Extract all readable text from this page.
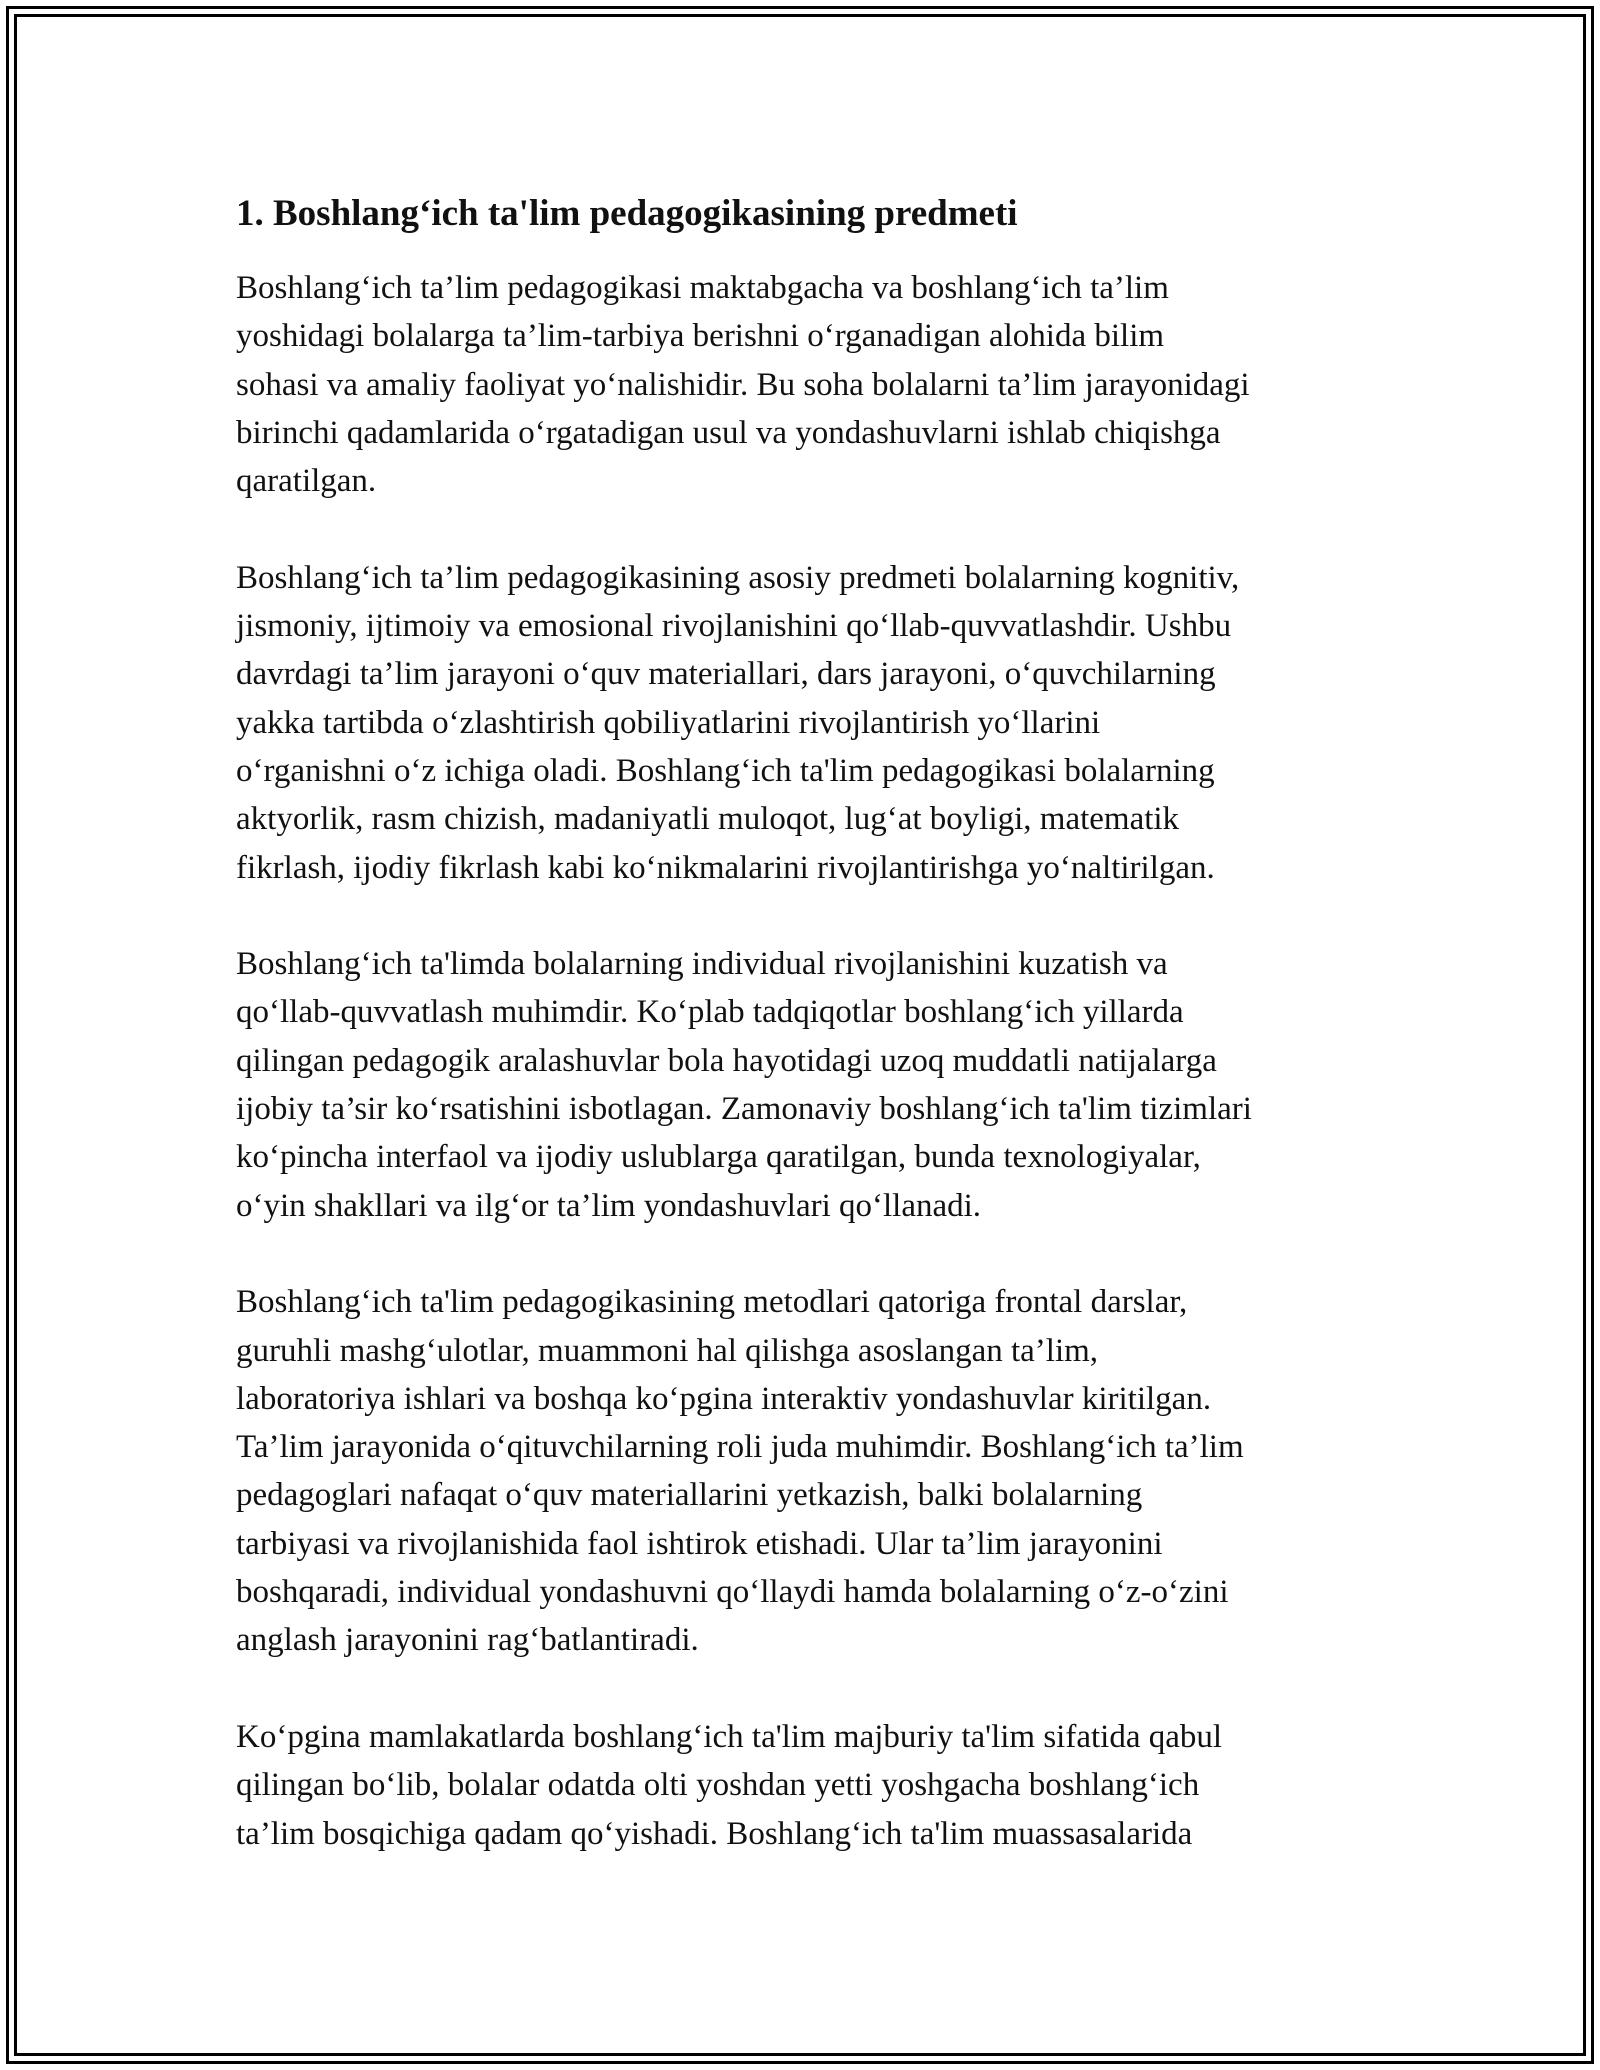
1. Boshlang‘ich ta'lim pedagogikasining predmeti

Boshlang‘ich ta’lim pedagogikasi maktabgacha va boshlang‘ich ta’lim
yoshidagi bolalarga ta’lim-tarbiya berishni o‘rganadigan alohida bilim
sohasi va amaliy faoliyat yo‘nalishidir. Bu soha bolalarni ta’lim jarayonidagi
birinchi qadamlarida o‘rgatadigan usul va yondashuvlarni ishlab chiqishga
qaratilgan.

Boshlang‘ich ta’lim pedagogikasining asosiy predmeti bolalarning kognitiv,
jismoniy, ijtimoiy va emosional rivojlanishini qo‘llab-quvvatlashdir. Ushbu
davrdagi ta’lim jarayoni o‘quv materiallari, dars jarayoni, o‘quvchilarning
yakka tartibda o‘zlashtirish qobiliyatlarini rivojlantirish yo‘llarini
o‘rganishni o‘z ichiga oladi. Boshlang‘ich ta'lim pedagogikasi bolalarning
aktyorlik, rasm chizish, madaniyatli muloqot, lug‘at boyligi, matematik
fikrlash, ijodiy fikrlash kabi ko‘nikmalarini rivojlantirishga yo‘naltirilgan.

Boshlang‘ich ta'limda bolalarning individual rivojlanishini kuzatish va
qo‘llab-quvvatlash muhimdir. Ko‘plab tadqiqotlar boshlang‘ich yillarda
qilingan pedagogik aralashuvlar bola hayotidagi uzoq muddatli natijalarga
ijobiy ta’sir ko‘rsatishini isbotlagan. Zamonaviy boshlang‘ich ta'lim tizimlari
ko‘pincha interfaol va ijodiy uslublarga qaratilgan, bunda texnologiyalar,
o‘yin shakllari va ilg‘or ta’lim yondashuvlari qo‘llanadi.

Boshlang‘ich ta'lim pedagogikasining metodlari qatoriga frontal darslar,
guruhli mashg‘ulotlar, muammoni hal qilishga asoslangan ta’lim,
laboratoriya ishlari va boshqa ko‘pgina interaktiv yondashuvlar kiritilgan.
Ta’lim jarayonida o‘qituvchilarning roli juda muhimdir. Boshlang‘ich ta’lim
pedagoglari nafaqat o‘quv materiallarini yetkazish, balki bolalarning
tarbiyasi va rivojlanishida faol ishtirok etishadi. Ular ta’lim jarayonini
boshqaradi, individual yondashuvni qo‘llaydi hamda bolalarning o‘z-o‘zini
anglash jarayonini rag‘batlantiradi.

Ko‘pgina mamlakatlarda boshlang‘ich ta'lim majburiy ta'lim sifatida qabul
qilingan bo‘lib, bolalar odatda olti yoshdan yetti yoshgacha boshlang‘ich
ta’lim bosqichiga qadam qo‘yishadi. Boshlang‘ich ta'lim muassasalarida
